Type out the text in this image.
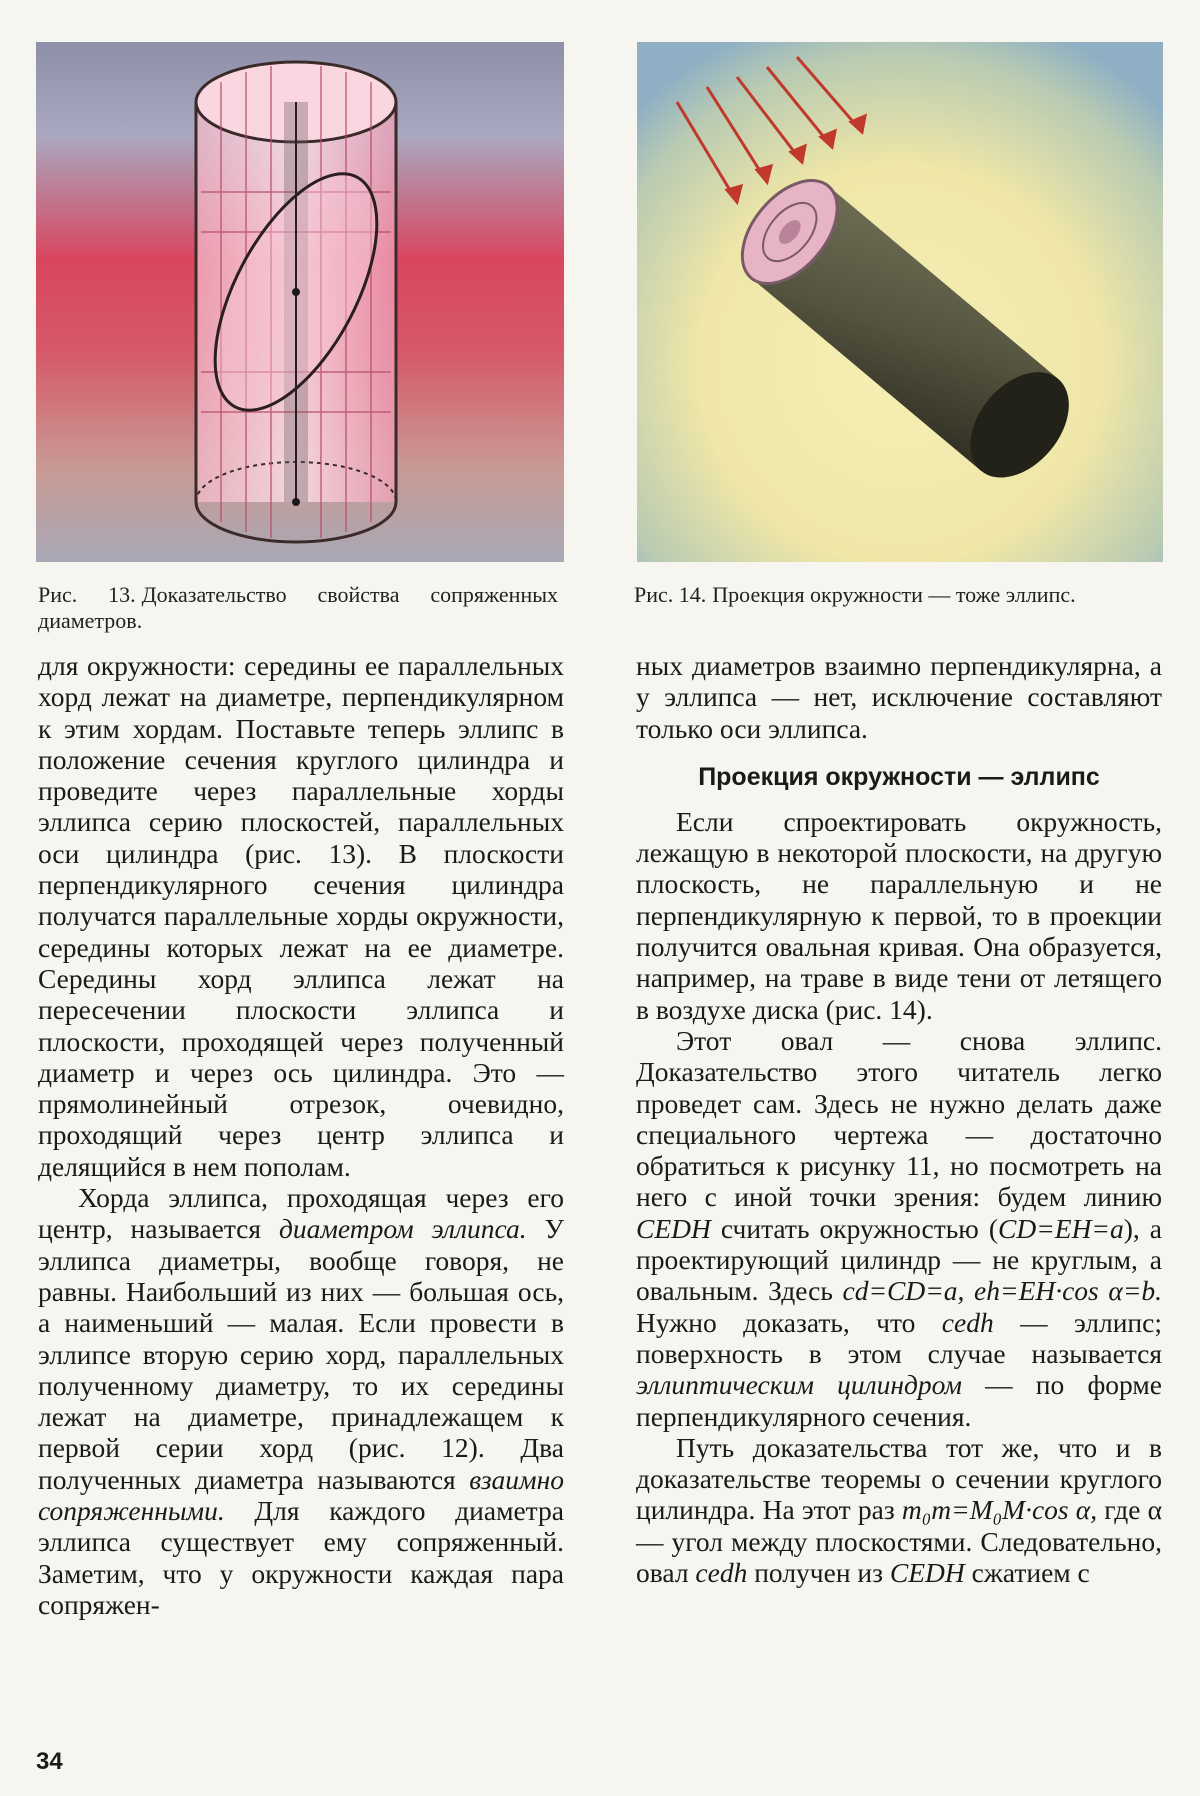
Рис. 13. Доказательство свойства сопряженных диаметров.
Рис. 14. Проекция окружности — тоже эллипс.

для окружности: середины ее параллельных хорд лежат на диаметре, перпендикулярном к этим хордам. Поставьте теперь эллипс в положение сечения круглого цилиндра и проведите через параллельные хорды эллипса серию плоскостей, параллельных оси цилиндра (рис. 13). В плоскости перпендикулярного сечения цилиндра получатся параллельные хорды окружности, середины которых лежат на ее диаметре. Середины хорд эллипса лежат на пересечении плоскости эллипса и плоскости, проходящей через полученный диаметр и через ось цилиндра. Это — прямолинейный отрезок, очевидно, проходящий через центр эллипса и делящийся в нем пополам.

Хорда эллипса, проходящая через его центр, называется диаметром эллипса. У эллипса диаметры, вообще говоря, не равны. Наибольший из них — большая ось, а наименьший — малая. Если провести в эллипсе вторую серию хорд, параллельных полученному диаметру, то их середины лежат на диаметре, принадлежащем к первой серии хорд (рис. 12). Два полученных диаметра называются взаимно сопряженными. Для каждого диаметра эллипса существует ему сопряженный. Заметим, что у окружности каждая пара сопряжен-

ных диаметров взаимно перпендикулярна, а у эллипса — нет, исключение составляют только оси эллипса.

Проекция окружности — эллипс

Если спроектировать окружность, лежащую в некоторой плоскости, на другую плоскость, не параллельную и не перпендикулярную к первой, то в проекции получится овальная кривая. Она образуется, например, на траве в виде тени от летящего в воздухе диска (рис. 14).

Этот овал — снова эллипс. Доказательство этого читатель легко проведет сам. Здесь не нужно делать даже специального чертежа — достаточно обратиться к рисунку 11, но посмотреть на него с иной точки зрения: будем линию CEDH считать окружностью (CD=EH=a), а проектирующий цилиндр — не круглым, а овальным. Здесь cd=CD=a, eh=EH·cos α=b. Нужно доказать, что cedh — эллипс; поверхность в этом случае называется эллиптическим цилиндром — по форме перпендикулярного сечения.

Путь доказательства тот же, что и в доказательстве теоремы о сечении круглого цилиндра. На этот раз m₀m=M₀M·cos α, где α — угол между плоскостями. Следовательно, овал cedh получен из CEDH сжатием с

34
